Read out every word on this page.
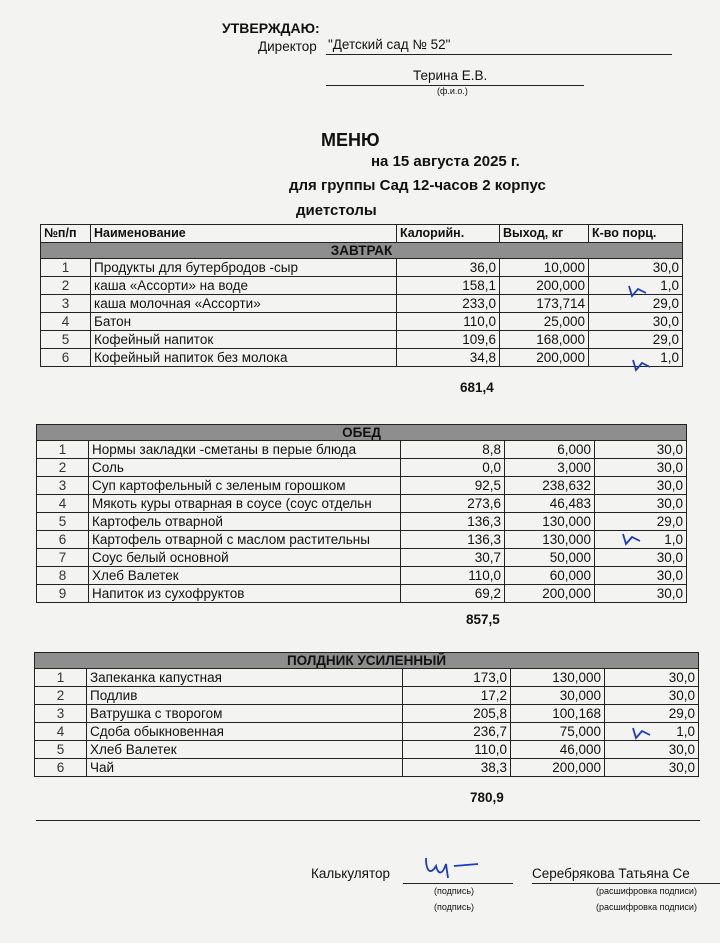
УТВЕРЖДАЮ:
Директор "Детский сад № 52"
Терина Е.В.
(ф.и.о.)
МЕНЮ
на 15 августа 2025 г.
для группы Сад 12-часов 2 корпус
диетстолы
№п/п	Наименование	Калорийн.	Выход, кг	К-во порц.
ЗАВТРАК				
1	Продукты для бутербродов -сыр	36,0	10,000	30,0
2	каша «Ассорти» на воде	158,1	200,000	1,0
3	каша молочная «Ассорти»	233,0	173,714	29,0
4	Батон	110,0	25,000	30,0
5	Кофейный напиток	109,6	168,000	29,0
6	Кофейный напиток без молока	34,8	200,000	1,0
681,4
ОБЕД				
1	Нормы закладки -сметаны в перые блюда	8,8	6,000	30,0
2	Соль	0,0	3,000	30,0
3	Суп картофельный с зеленым горошком	92,5	238,632	30,0
4	Мякоть куры отварная в соусе (соус отдельн	273,6	46,483	30,0
5	Картофель отварной	136,3	130,000	29,0
6	Картофель отварной с маслом растительны	136,3	130,000	1,0
7	Соус белый основной	30,7	50,000	30,0
8	Хлеб Валетек	110,0	60,000	30,0
9	Напиток из сухофруктов	69,2	200,000	30,0
857,5
ПОЛДНИК УСИЛЕННЫЙ				
1	Запеканка капустная	173,0	130,000	30,0
2	Подлив	17,2	30,000	30,0
3	Ватрушка с творогом	205,8	100,168	29,0
4	Сдоба обыкновенная	236,7	75,000	1,0
5	Хлеб Валетек	110,0	46,000	30,0
6	Чай	38,3	200,000	30,0
780,9
Калькулятор
(подпись)
(подпись)
Серебрякова Татьяна Се
(расшифровка подписи)
(расшифровка подписи)
